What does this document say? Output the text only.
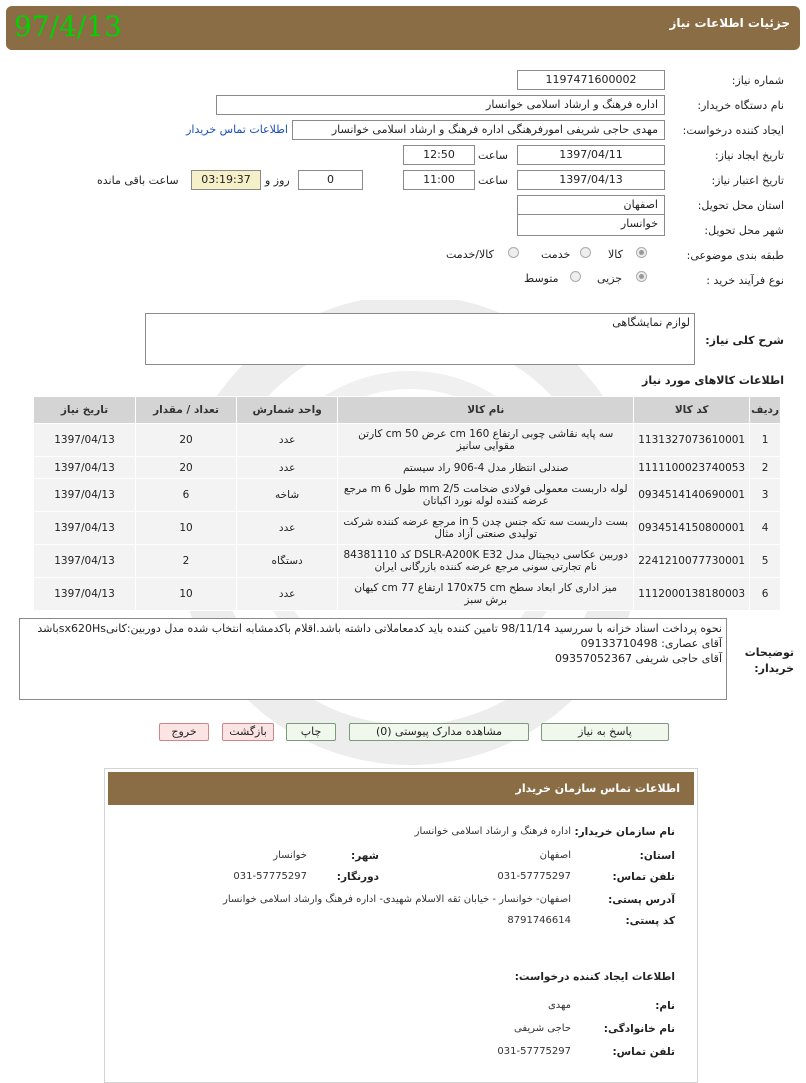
جزئیات اطلاعات نیاز
97/4/13
شماره نیاز:
1197471600002
نام دستگاه خریدار:
اداره فرهنگ و ارشاد اسلامی خوانسار
ایجاد کننده درخواست:
مهدی حاجی شریفی امورفرهنگی اداره فرهنگ و ارشاد اسلامی خوانسار
اطلاعات تماس خریدار
تاریخ ایجاد نیاز:
1397/04/11
ساعت
12:50
تاریخ اعتبار نیاز:
1397/04/13
ساعت
11:00
0
روز و
03:19:37
ساعت باقی مانده
استان محل تحویل:
اصفهان
شهر محل تحویل:
خوانسار
طبقه بندی موضوعی:
کالا
خدمت
کالا/خدمت
نوع فرآیند خرید :
جزیی
متوسط
شرح کلی نیاز:
لوازم نمایشگاهی
اطلاعات کالاهای مورد نیاز
ردیف	کد کالا	نام کالا	واحد شمارش	تعداد / مقدار	تاریخ نیاز
1	1131327073610001	سه پایه نقاشی چوبی ارتفاع 160 cm عرض 50 cm کارتن مقوایی سانیز	عدد	20	1397/04/13
2	1111100023740053	صندلی انتظار مدل 4-906 راد سیستم	عدد	20	1397/04/13
3	0934514140690001	لوله داربست معمولی فولادی ضخامت 2/5 mm طول 6 m مرجع عرضه کننده لوله نورد اکباتان	شاخه	6	1397/04/13
4	0934514150800001	بست داربست سه تکه جنس چدن 5 in مرجع عرضه کننده شرکت تولیدی صنعتی آزاد مثال	عدد	10	1397/04/13
5	2241210077730001	دوربین عکاسی دیجیتال مدل DSLR-A200K E32 کد 84381110 نام تجارتی سونی مرجع عرضه کننده بازرگانی ایران	دستگاه	2	1397/04/13
6	1112000138180003	میز اداری کار ابعاد سطح 170x75 cm ارتفاع 77 cm کیهان برش سبز	عدد	10	1397/04/13
توضیحات خریدار:
نحوه پرداخت اسناد خزانه با سررسید 98/11/14 تامین کننده باید کدمعاملاتی داشته باشد.اقلام باکدمشابه انتخاب شده مدل دوربین:کانیsx620Hsباشد
آقای عصاری: 09133710498
آقای حاجی شریفی 09357052367
پاسخ به نیاز
مشاهده مدارک پیوستی (0)
چاپ
بازگشت
خروج
اطلاعات تماس سازمان خریدار
نام سازمان خریدار:
اداره فرهنگ و ارشاد اسلامی خوانسار
استان:
اصفهان
شهر:
خوانسار
تلفن تماس:
031-57775297
دورنگار:
031-57775297
آدرس پستی:
اصفهان- خوانسار - خیابان ثقه الاسلام شهیدی- اداره فرهنگ وارشاد اسلامی خوانسار
کد پستی:
8791746614
اطلاعات ایجاد کننده درخواست:
نام:
مهدی
نام خانوادگی:
حاجی شریفی
تلفن تماس:
031-57775297
